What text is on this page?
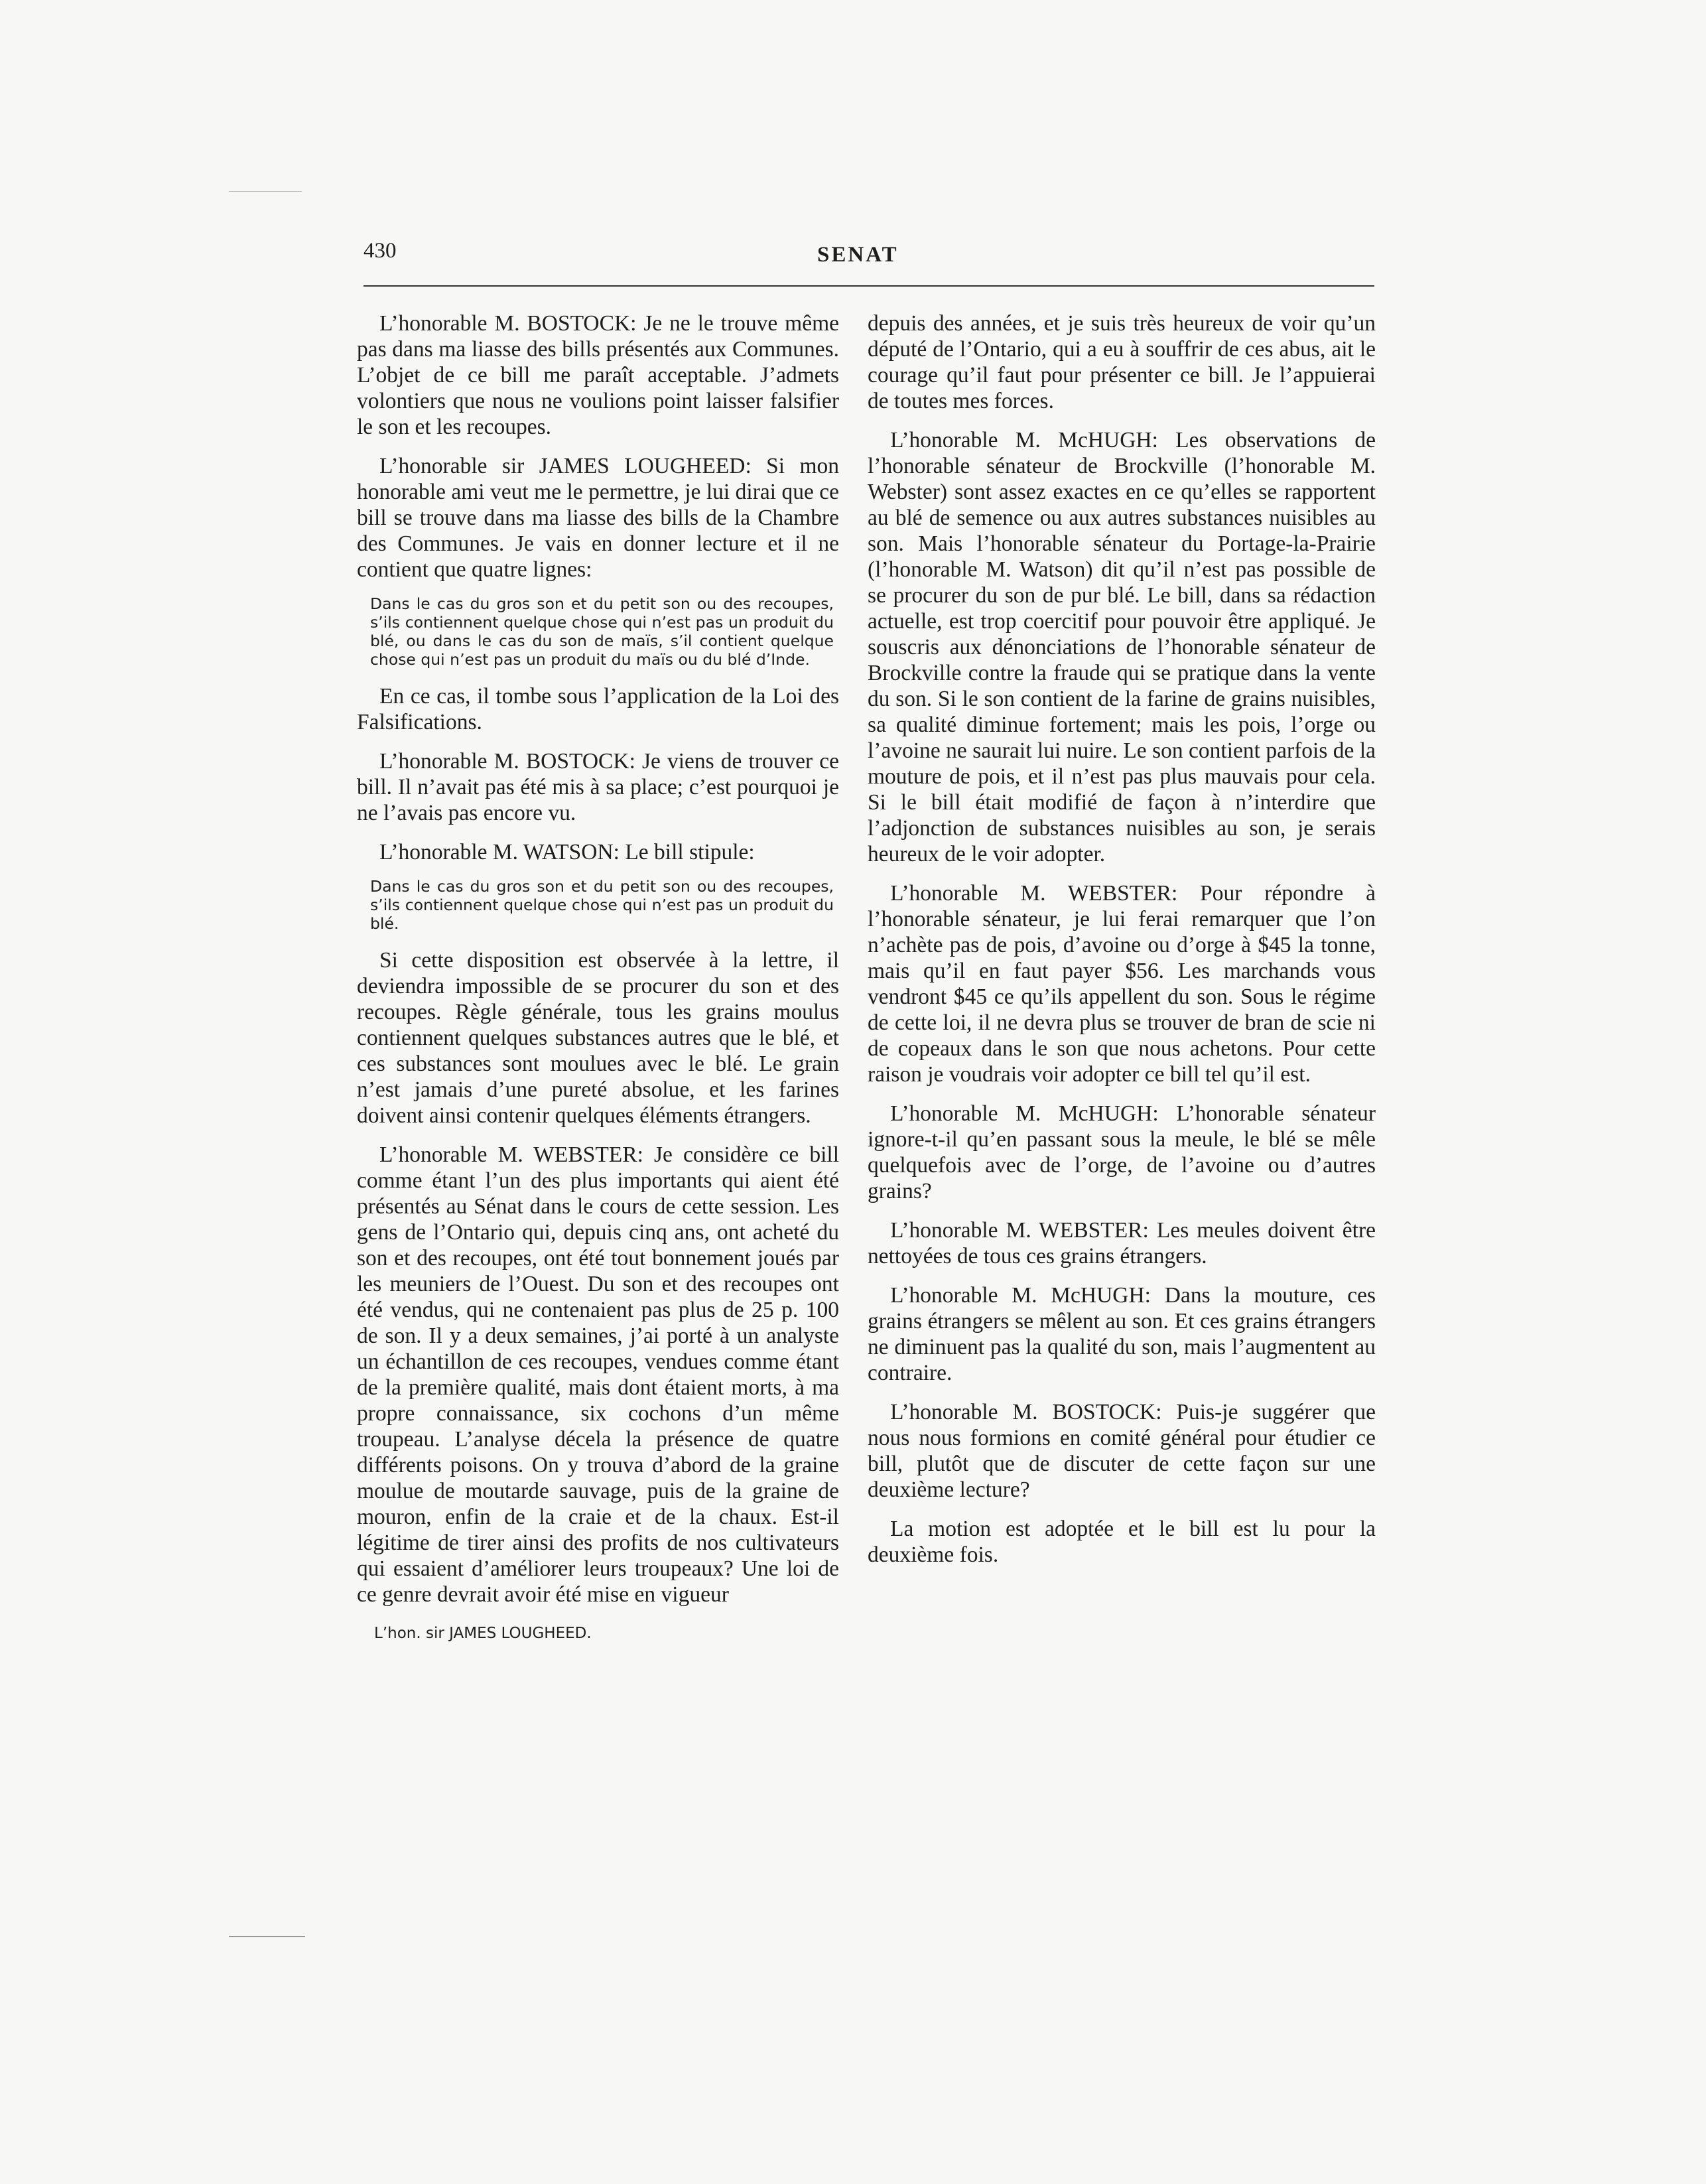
430	SENAT

L’honorable M. BOSTOCK: Je ne le trouve même pas dans ma liasse des bills présentés aux Communes. L’objet de ce bill me paraît acceptable. J’admets volontiers que nous ne voulions point laisser falsifier le son et les recoupes.

L’honorable sir JAMES LOUGHEED: Si mon honorable ami veut me le permettre, je lui dirai que ce bill se trouve dans ma liasse des bills de la Chambre des Communes. Je vais en donner lecture et il ne contient que quatre lignes:

Dans le cas du gros son et du petit son ou des recoupes, s’ils contiennent quelque chose qui n’est pas un produit du blé, ou dans le cas du son de maïs, s’il contient quelque chose qui n’est pas un produit du maïs ou du blé d’Inde.

En ce cas, il tombe sous l’application de la Loi des Falsifications.

L’honorable M. BOSTOCK: Je viens de trouver ce bill. Il n’avait pas été mis à sa place; c’est pourquoi je ne l’avais pas encore vu.

L’honorable M. WATSON: Le bill stipule:

Dans le cas du gros son et du petit son ou des recoupes, s’ils contiennent quelque chose qui n’est pas un produit du blé.

Si cette disposition est observée à la lettre, il deviendra impossible de se procurer du son et des recoupes. Règle générale, tous les grains moulus contiennent quelques substances autres que le blé, et ces substances sont moulues avec le blé. Le grain n’est jamais d’une pureté absolue, et les farines doivent ainsi contenir quelques éléments étrangers.

L’honorable M. WEBSTER: Je considère ce bill comme étant l’un des plus importants qui aient été présentés au Sénat dans le cours de cette session. Les gens de l’Ontario qui, depuis cinq ans, ont acheté du son et des recoupes, ont été tout bonnement joués par les meuniers de l’Ouest. Du son et des recoupes ont été vendus, qui ne contenaient pas plus de 25 p. 100 de son. Il y a deux semaines, j’ai porté à un analyste un échantillon de ces recoupes, vendues comme étant de la première qualité, mais dont étaient morts, à ma propre connaissance, six cochons d’un même troupeau. L’analyse décela la présence de quatre différents poisons. On y trouva d’abord de la graine moulue de moutarde sauvage, puis de la graine de mouron, enfin de la craie et de la chaux. Est-il légitime de tirer ainsi des profits de nos cultivateurs qui essaient d’améliorer leurs troupeaux? Une loi de ce genre devrait avoir été mise en vigueur

L’hon. sir JAMES LOUGHEED.

depuis des années, et je suis très heureux de voir qu’un député de l’Ontario, qui a eu à souffrir de ces abus, ait le courage qu’il faut pour présenter ce bill. Je l’appuierai de toutes mes forces.

L’honorable M. McHUGH: Les observations de l’honorable sénateur de Brockville (l’honorable M. Webster) sont assez exactes en ce qu’elles se rapportent au blé de semence ou aux autres substances nuisibles au son. Mais l’honorable sénateur du Portage-la-Prairie (l’honorable M. Watson) dit qu’il n’est pas possible de se procurer du son de pur blé. Le bill, dans sa rédaction actuelle, est trop coercitif pour pouvoir être appliqué. Je souscris aux dénonciations de l’honorable sénateur de Brockville contre la fraude qui se pratique dans la vente du son. Si le son contient de la farine de grains nuisibles, sa qualité diminue fortement; mais les pois, l’orge ou l’avoine ne saurait lui nuire. Le son contient parfois de la mouture de pois, et il n’est pas plus mauvais pour cela. Si le bill était modifié de façon à n’interdire que l’adjonction de substances nuisibles au son, je serais heureux de le voir adopter.

L’honorable M. WEBSTER: Pour répondre à l’honorable sénateur, je lui ferai remarquer que l’on n’achète pas de pois, d’avoine ou d’orge à $45 la tonne, mais qu’il en faut payer $56. Les marchands vous vendront $45 ce qu’ils appellent du son. Sous le régime de cette loi, il ne devra plus se trouver de bran de scie ni de copeaux dans le son que nous achetons. Pour cette raison je voudrais voir adopter ce bill tel qu’il est.

L’honorable M. McHUGH: L’honorable sénateur ignore-t-il qu’en passant sous la meule, le blé se mêle quelquefois avec de l’orge, de l’avoine ou d’autres grains?

L’honorable M. WEBSTER: Les meules doivent être nettoyées de tous ces grains étrangers.

L’honorable M. McHUGH: Dans la mouture, ces grains étrangers se mêlent au son. Et ces grains étrangers ne diminuent pas la qualité du son, mais l’augmentent au contraire.

L’honorable M. BOSTOCK: Puis-je suggérer que nous nous formions en comité général pour étudier ce bill, plutôt que de discuter de cette façon sur une deuxième lecture?

La motion est adoptée et le bill est lu pour la deuxième fois.
